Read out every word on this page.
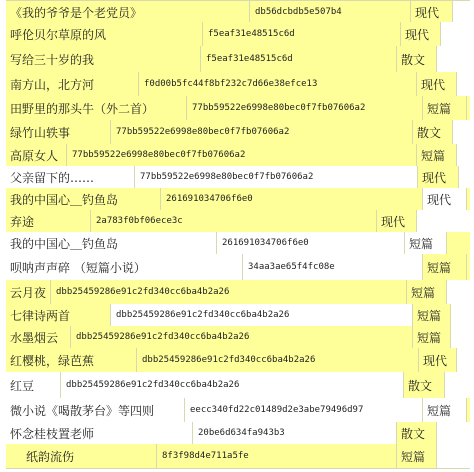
《我的爷爷是个老党员》	db56dcbdb5e507b4	现代
呼伦贝尔草原的风	f5eaf31e48515c6d	现代
写给三十岁的我	f5eaf31e48515c6d	散文
南方山，北方河	f0d00b5fc44f8bf232c7d66e38efce13	现代
田野里的那头牛（外二首）	77bb59522e6998e80bec0f7fb07606a2	短篇
绿竹山轶事	77bb59522e6998e80bec0f7fb07606a2	散文
高原女人	77bb59522e6998e80bec0f7fb07606a2	短篇
父亲留下的……	77bb59522e6998e80bec0f7fb07606a2	现代
我的中国心＿钓鱼岛	261691034706f6e0	现代
弃途	2a783f0bf06ece3c	现代
我的中国心＿钓鱼岛	261691034706f6e0	短篇
呗呐声声碎 （短篇小说）	34aa3ae65f4fc08e	短篇
云月夜	dbb25459286e91c2fd340cc6ba4b2a26	短篇
七律诗两首	dbb25459286e91c2fd340cc6ba4b2a26	短篇
水墨烟云	dbb25459286e91c2fd340cc6ba4b2a26	短篇
红樱桃，绿芭蕉	dbb25459286e91c2fd340cc6ba4b2a26	现代
红豆	dbb25459286e91c2fd340cc6ba4b2a26	散文
微小说《喝散茅台》等四则	eecc340fd22c01489d2e3abe79496d97	短篇
怀念桂枝置老师	20be6d634fa943b3	散文
纸韵流伤	8f3f98d4e711a5fe	短篇
